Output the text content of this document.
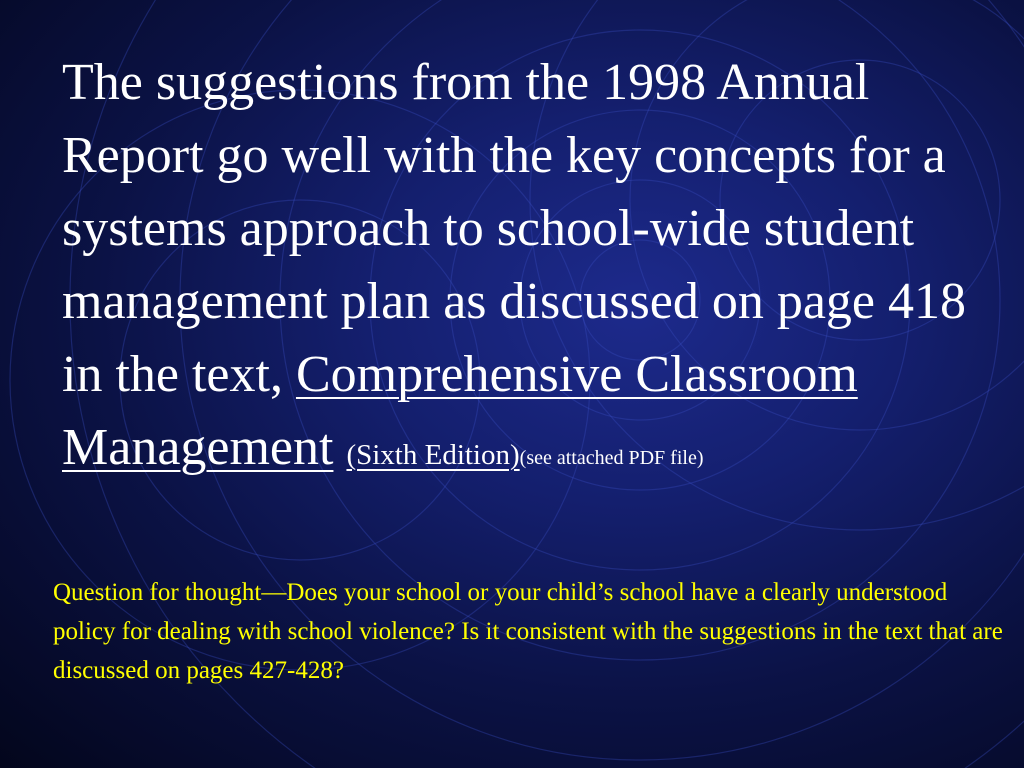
The suggestions from the 1998 Annual Report go well with the key concepts for a systems approach to school-wide student management plan as discussed on page 418 in the text, Comprehensive Classroom Management (Sixth Edition)(see attached PDF file)

Question for thought—Does your school or your child’s school have a clearly understood policy for dealing with school violence? Is it consistent with the suggestions in the text that are discussed on pages 427-428?
